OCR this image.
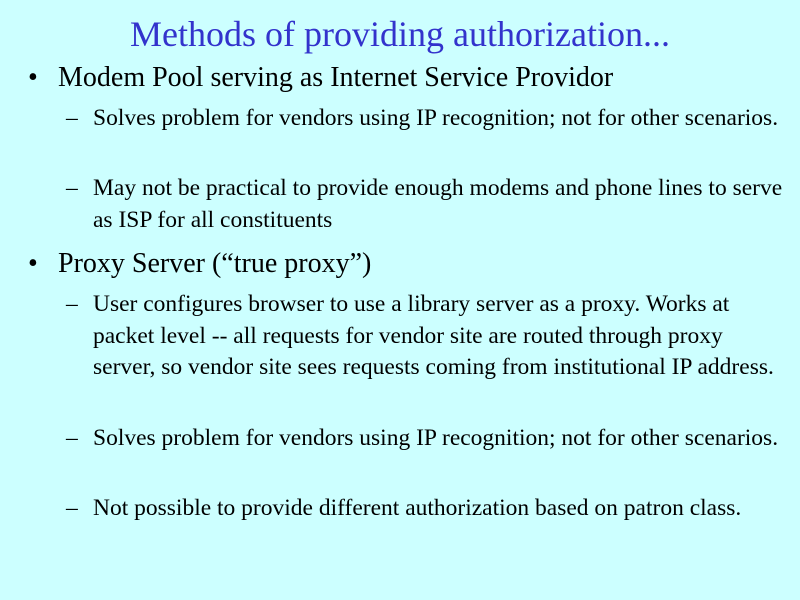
Methods of providing authorization...
• Modem Pool serving as Internet Service Providor
– Solves problem for vendors using IP recognition; not for other scenarios.
– May not be practical to provide enough modems and phone lines to serve as ISP for all constituents
• Proxy Server (“true proxy”)
– User configures browser to use a library server as a proxy. Works at packet level -- all requests for vendor site are routed through proxy server, so vendor site sees requests coming from institutional IP address.
– Solves problem for vendors using IP recognition; not for other scenarios.
– Not possible to provide different authorization based on patron class.
